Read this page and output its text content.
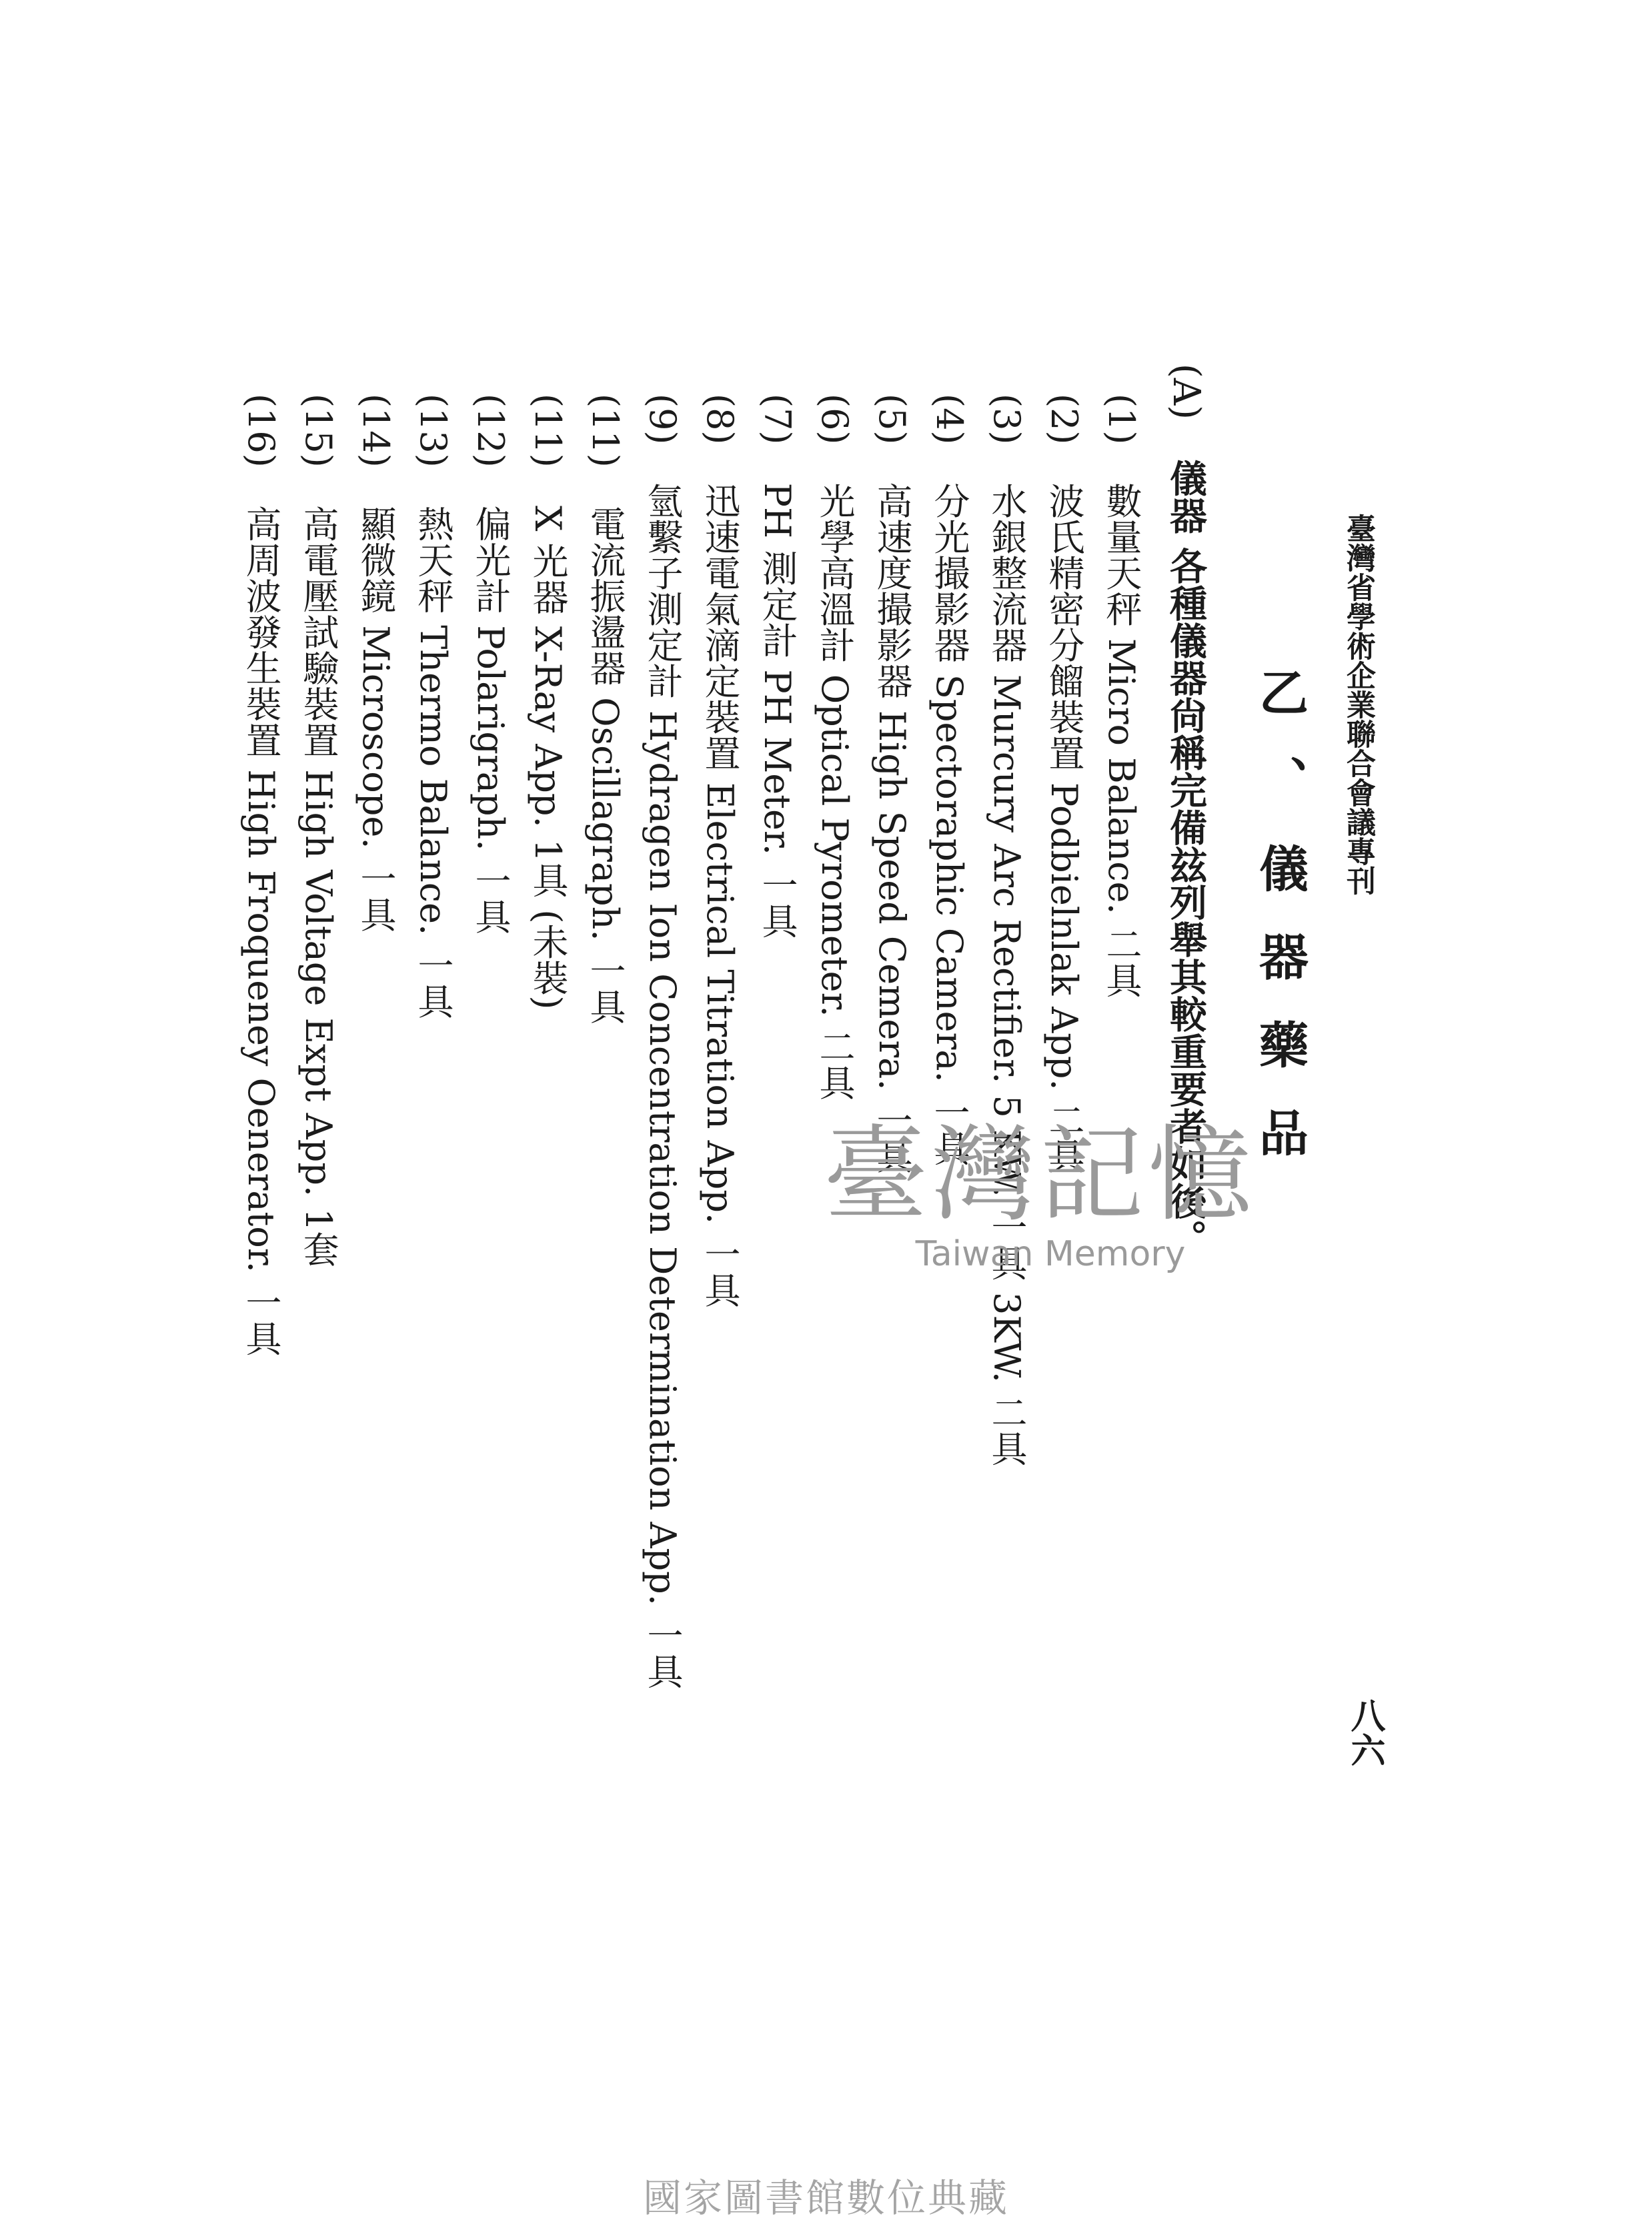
臺灣省學術企業聯合會議專刊
乙、儀器藥品
(A) 儀器 各種儀器尙稱完備玆列舉其較重要者如後。
(1) 數量天秤 Micro Balance. 二具
(2) 波氏精密分餾裝置 Podbielnlak App. 二具
(3) 水銀整流器 Murcury Arc Rectifier. 5 KW. 一具 3KW. 二具
(4) 分光撮影器 Spectoraphic Camera. 一具
(5) 高速度撮影器 High Speed Cemera. 一具
(6) 光學高溫計 Optical Pyrometer. 二具
(7) PH 測定計 PH Meter. 一具
(8) 迅速電氣滴定裝置 Electrical Titration App. 一具
(9) 氫繫子測定計 Hydragen Ion Concentration Determination App. 一具
(11) 電流振盪器 Oscillagraph. 一具
(11) X 光器 X-Ray App. 1具 (未裝)
(12) 偏光計 Polarigraph. 一具
(13) 熱天秤 Thermo Balance. 一具
(14) 顯微鏡 Microscope. 一具
(15) 高電壓試驗裝置 High Voltage Expt App. 1套
(16) 高周波發生裝置 High Froqueney Oenerator. 一具
八六
臺灣記憶
Taiwan Memory
國家圖書館數位典藏
